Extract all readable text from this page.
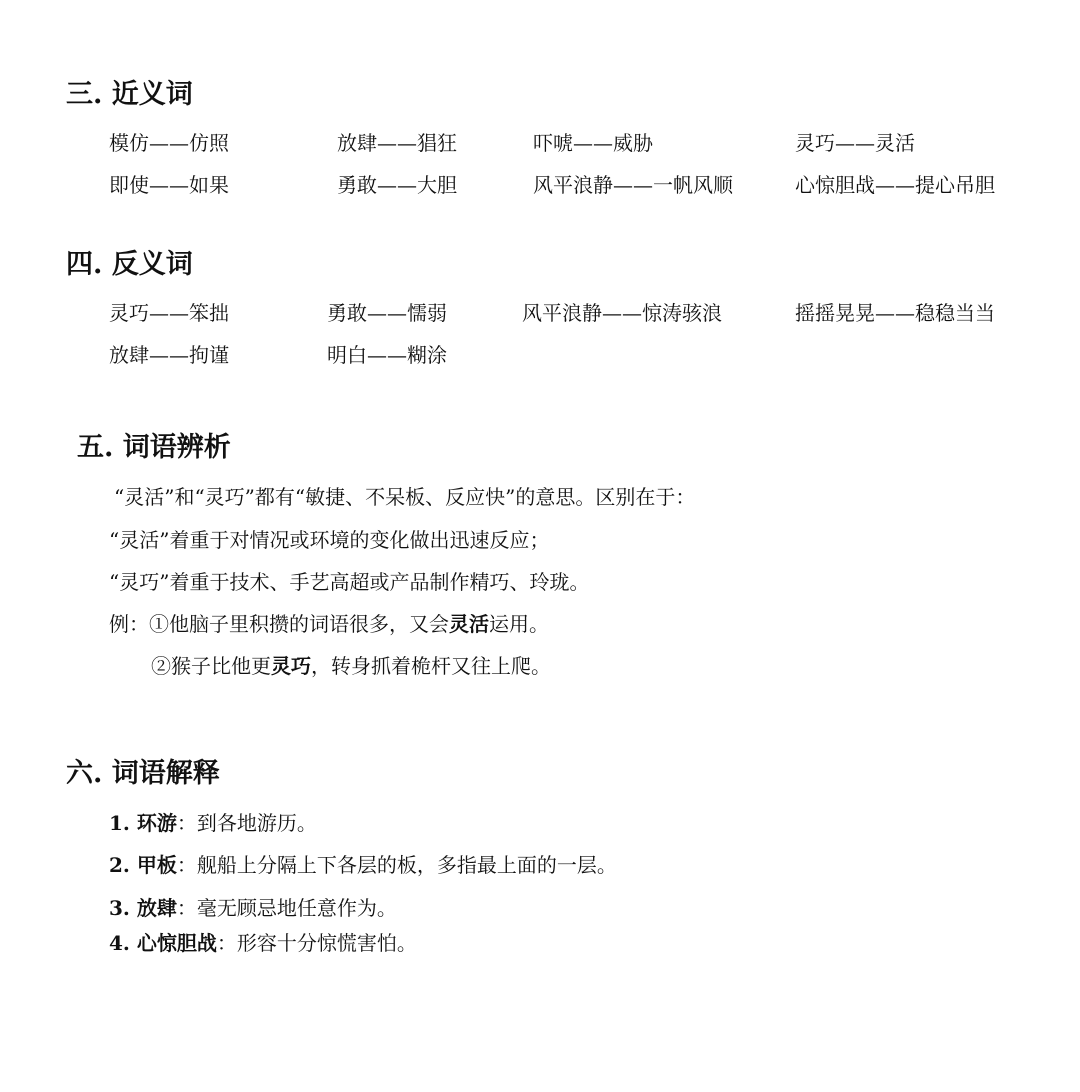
三. 近义词
模仿——仿照	放肆——猖狂	吓唬——威胁	灵巧——灵活
即使——如果	勇敢——大胆	风平浪静——一帆风顺	心惊胆战——提心吊胆
四. 反义词
灵巧——笨拙	勇敢——懦弱	风平浪静——惊涛骇浪	摇摇晃晃——稳稳当当
放肆——拘谨	明白——糊涂
五. 词语辨析
“灵活”和“灵巧”都有“敏捷、不呆板、反应快”的意思。区别在于：
“灵活”着重于对情况或环境的变化做出迅速反应；
“灵巧”着重于技术、手艺高超或产品制作精巧、玲珑。
例：①他脑子里积攒的词语很多，又会灵活运用。
②猴子比他更灵巧，转身抓着桅杆又往上爬。
六. 词语解释
1. 环游：到各地游历。
2. 甲板：舰船上分隔上下各层的板，多指最上面的一层。
3. 放肆：毫无顾忌地任意作为。
4. 心惊胆战：形容十分惊慌害怕。
